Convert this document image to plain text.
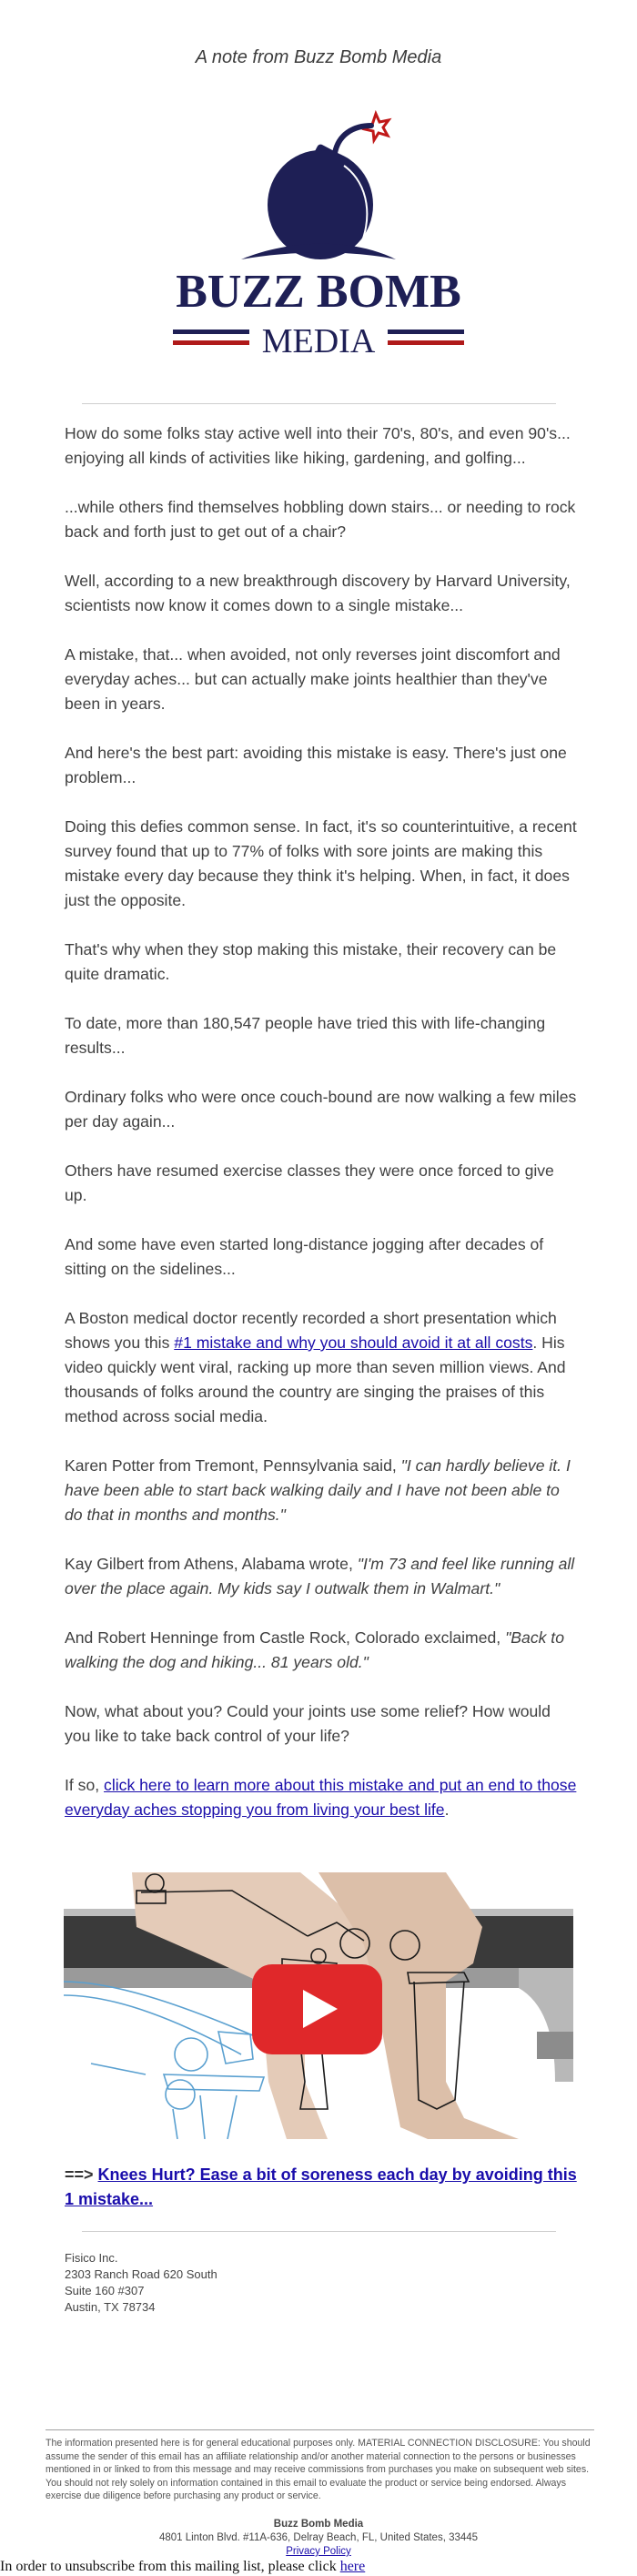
A note from Buzz Bomb Media
BUZZ BOMB
MEDIA

How do some folks stay active well into their 70's, 80's, and even 90's... enjoying all kinds of activities like hiking, gardening, and golfing...

...while others find themselves hobbling down stairs... or needing to rock back and forth just to get out of a chair?

Well, according to a new breakthrough discovery by Harvard University, scientists now know it comes down to a single mistake...

A mistake, that... when avoided, not only reverses joint discomfort and everyday aches... but can actually make joints healthier than they've been in years.

And here's the best part: avoiding this mistake is easy. There's just one problem...

Doing this defies common sense. In fact, it's so counterintuitive, a recent survey found that up to 77% of folks with sore joints are making this mistake every day because they think it's helping. When, in fact, it does just the opposite.

That's why when they stop making this mistake, their recovery can be quite dramatic.

To date, more than 180,547 people have tried this with life-changing results...

Ordinary folks who were once couch-bound are now walking a few miles per day again...

Others have resumed exercise classes they were once forced to give up.

And some have even started long-distance jogging after decades of sitting on the sidelines...

A Boston medical doctor recently recorded a short presentation which shows you this #1 mistake and why you should avoid it at all costs. His video quickly went viral, racking up more than seven million views. And thousands of folks around the country are singing the praises of this method across social media.

Karen Potter from Tremont, Pennsylvania said, "I can hardly believe it. I have been able to start back walking daily and I have not been able to do that in months and months."

Kay Gilbert from Athens, Alabama wrote, "I'm 73 and feel like running all over the place again. My kids say I outwalk them in Walmart."

And Robert Henninge from Castle Rock, Colorado exclaimed, "Back to walking the dog and hiking... 81 years old."

Now, what about you? Could your joints use some relief? How would you like to take back control of your life?

If so, click here to learn more about this mistake and put an end to those everyday aches stopping you from living your best life.

==> Knees Hurt? Ease a bit of soreness each day by avoiding this 1 mistake...
Fisico Inc.
2303 Ranch Road 620 South
Suite 160 #307
Austin, TX 78734
The information presented here is for general educational purposes only. MATERIAL CONNECTION DISCLOSURE: You should assume the sender of this email has an affiliate relationship and/or another material connection to the persons or businesses mentioned in or linked to from this message and may receive commissions from purchases you make on subsequent web sites. You should not rely solely on information contained in this email to evaluate the product or service being endorsed. Always exercise due diligence before purchasing any product or service.
Buzz Bomb Media
4801 Linton Blvd. #11A-636, Delray Beach, FL, United States, 33445
Privacy Policy
In order to unsubscribe from this mailing list, please click here
